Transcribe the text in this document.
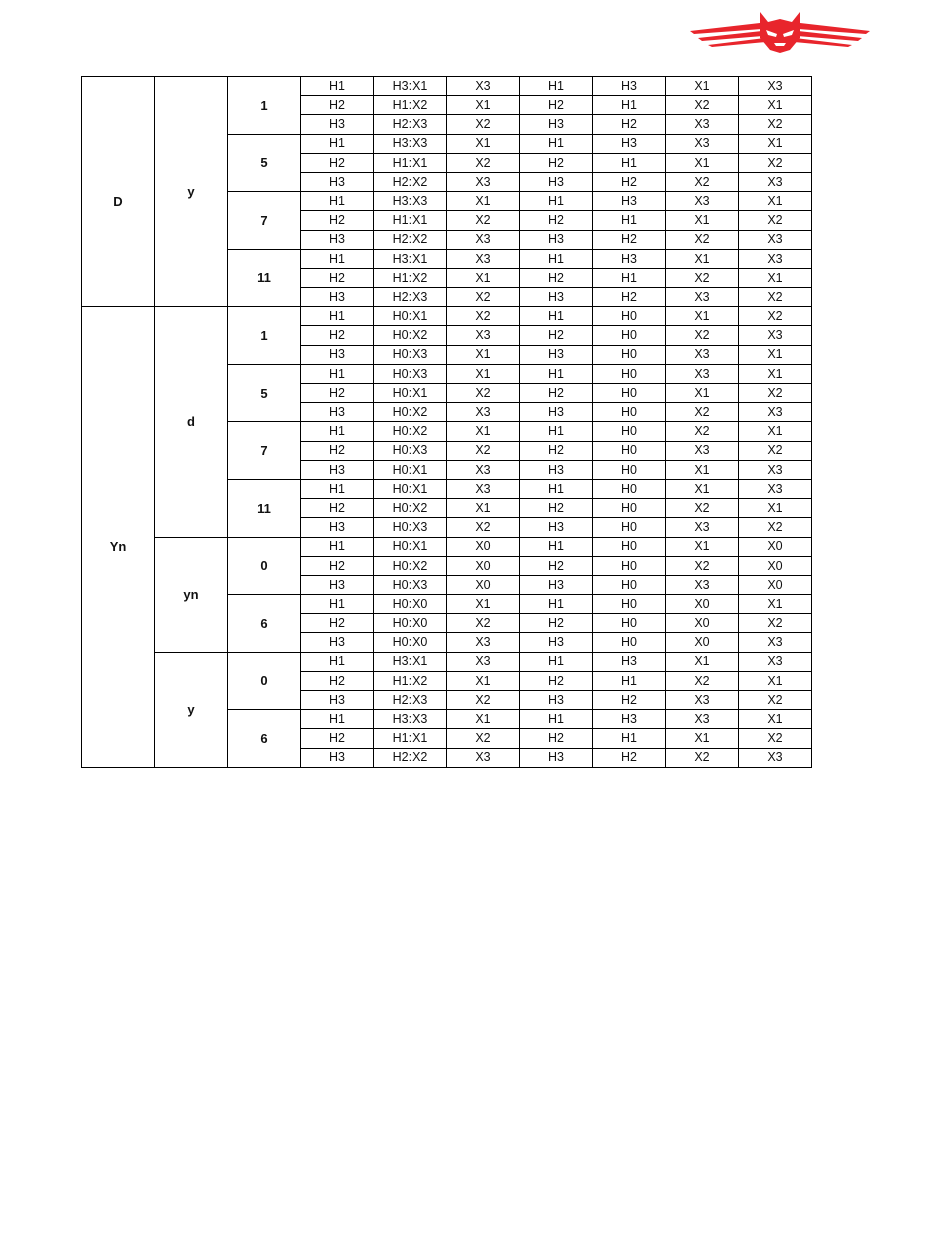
	y	1	H1	H3:X1	X3	H1	H3	X1	X3
			H2	H1:X2	X1	H2	H1	X2	X1
			H3	H2:X3	X2	H3	H2	X3	X2
		5	H1	H3:X3	X1	H1	H3	X3	X1
			H2	H1:X1	X2	H2	H1	X1	X2
			H3	H2:X2	X3	H3	H2	X2	X3
D		7	H1	H3:X3	X1	H1	H3	X3	X1
			H2	H1:X1	X2	H2	H1	X1	X2
			H3	H2:X2	X3	H3	H2	X2	X3
		11	H1	H3:X1	X3	H1	H3	X1	X3
			H2	H1:X2	X1	H2	H1	X2	X1
			H3	H2:X3	X2	H3	H2	X3	X2
	d	1	H1	H0:X1	X2	H1	H0	X1	X2
			H2	H0:X2	X3	H2	H0	X2	X3
			H3	H0:X3	X1	H3	H0	X3	X1
		5	H1	H0:X3	X1	H1	H0	X3	X1
			H2	H0:X1	X2	H2	H0	X1	X2
			H3	H0:X2	X3	H3	H0	X2	X3
		7	H1	H0:X2	X1	H1	H0	X2	X1
			H2	H0:X3	X2	H2	H0	X3	X2
			H3	H0:X1	X3	H3	H0	X1	X3
		11	H1	H0:X1	X3	H1	H0	X1	X3
			H2	H0:X2	X1	H2	H0	X2	X1
			H3	H0:X3	X2	H3	H0	X3	X2
Yn	yn	0	H1	H0:X1	X0	H1	H0	X1	X0
			H2	H0:X2	X0	H2	H0	X2	X0
			H3	H0:X3	X0	H3	H0	X3	X0
		6	H1	H0:X0	X1	H1	H0	X0	X1
			H2	H0:X0	X2	H2	H0	X0	X2
			H3	H0:X0	X3	H3	H0	X0	X3
	y	0	H1	H3:X1	X3	H1	H3	X1	X3
			H2	H1:X2	X1	H2	H1	X2	X1
			H3	H2:X3	X2	H3	H2	X3	X2
		6	H1	H3:X3	X1	H1	H3	X3	X1
			H2	H1:X1	X2	H2	H1	X1	X2
			H3	H2:X2	X3	H3	H2	X2	X3
